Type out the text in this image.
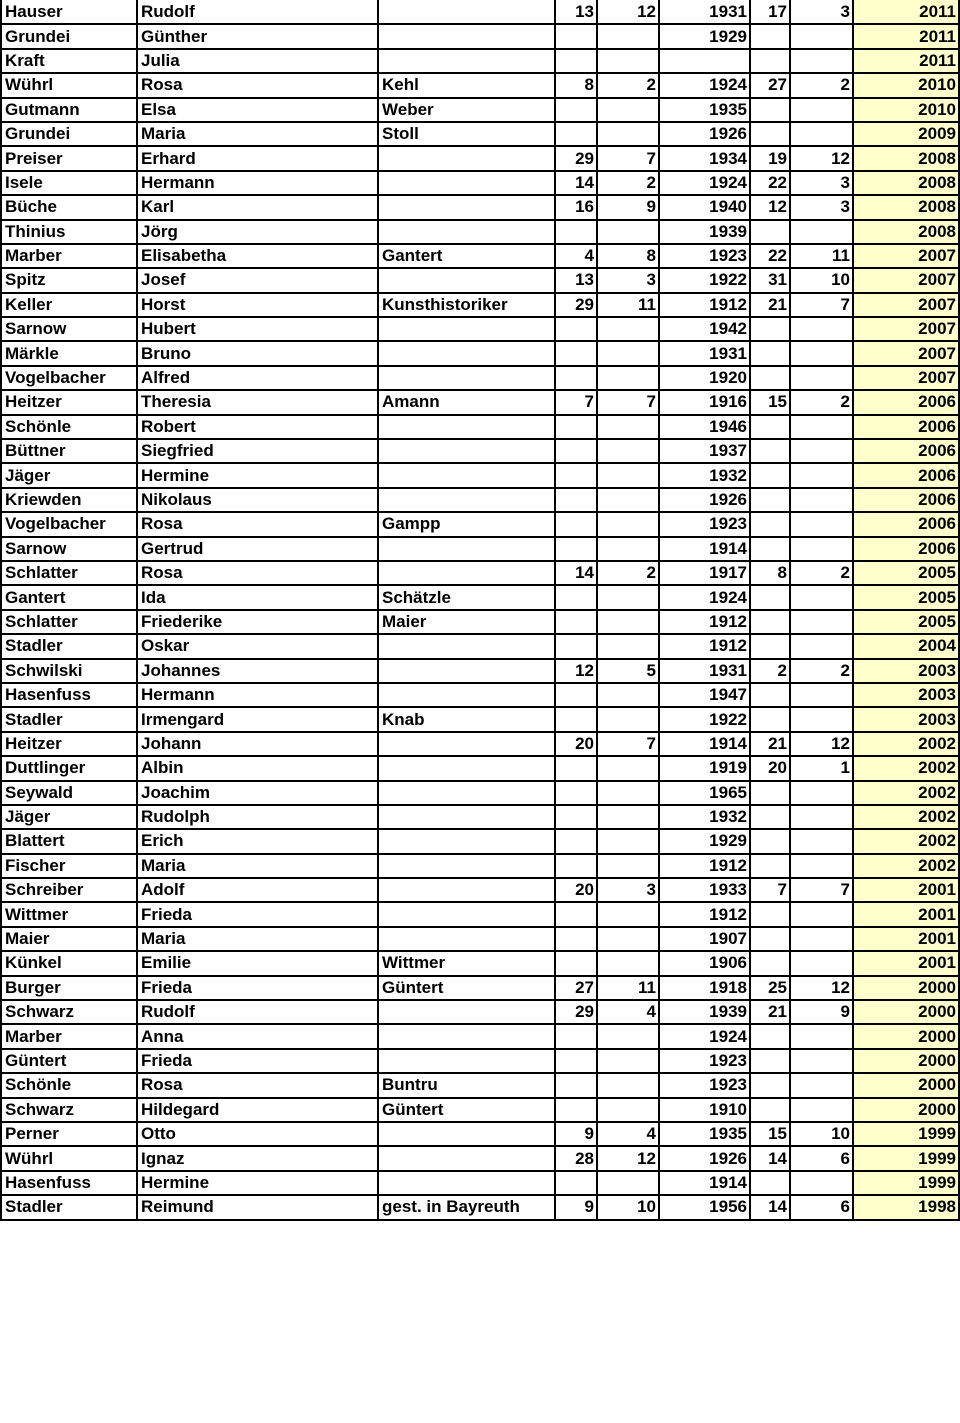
Hauser	Rudolf		13	12	1931	17	3	2011
Grundei	Günther				1929			2011
Kraft	Julia							2011
Wührl	Rosa	Kehl	8	2	1924	27	2	2010
Gutmann	Elsa	Weber			1935			2010
Grundei	Maria	Stoll			1926			2009
Preiser	Erhard		29	7	1934	19	12	2008
Isele	Hermann		14	2	1924	22	3	2008
Büche	Karl		16	9	1940	12	3	2008
Thinius	Jörg				1939			2008
Marber	Elisabetha	Gantert	4	8	1923	22	11	2007
Spitz	Josef		13	3	1922	31	10	2007
Keller	Horst	Kunsthistoriker	29	11	1912	21	7	2007
Sarnow	Hubert				1942			2007
Märkle	Bruno				1931			2007
Vogelbacher	Alfred				1920			2007
Heitzer	Theresia	Amann	7	7	1916	15	2	2006
Schönle	Robert				1946			2006
Büttner	Siegfried				1937			2006
Jäger	Hermine				1932			2006
Kriewden	Nikolaus				1926			2006
Vogelbacher	Rosa	Gampp			1923			2006
Sarnow	Gertrud				1914			2006
Schlatter	Rosa		14	2	1917	8	2	2005
Gantert	Ida	Schätzle			1924			2005
Schlatter	Friederike	Maier			1912			2005
Stadler	Oskar				1912			2004
Schwilski	Johannes		12	5	1931	2	2	2003
Hasenfuss	Hermann				1947			2003
Stadler	Irmengard	Knab			1922			2003
Heitzer	Johann		20	7	1914	21	12	2002
Duttlinger	Albin				1919	20	1	2002
Seywald	Joachim				1965			2002
Jäger	Rudolph				1932			2002
Blattert	Erich				1929			2002
Fischer	Maria				1912			2002
Schreiber	Adolf		20	3	1933	7	7	2001
Wittmer	Frieda				1912			2001
Maier	Maria				1907			2001
Künkel	Emilie	Wittmer			1906			2001
Burger	Frieda	Güntert	27	11	1918	25	12	2000
Schwarz	Rudolf		29	4	1939	21	9	2000
Marber	Anna				1924			2000
Güntert	Frieda				1923			2000
Schönle	Rosa	Buntru			1923			2000
Schwarz	Hildegard	Güntert			1910			2000
Perner	Otto		9	4	1935	15	10	1999
Wührl	Ignaz		28	12	1926	14	6	1999
Hasenfuss	Hermine				1914			1999
Stadler	Reimund	gest. in Bayreuth	9	10	1956	14	6	1998
